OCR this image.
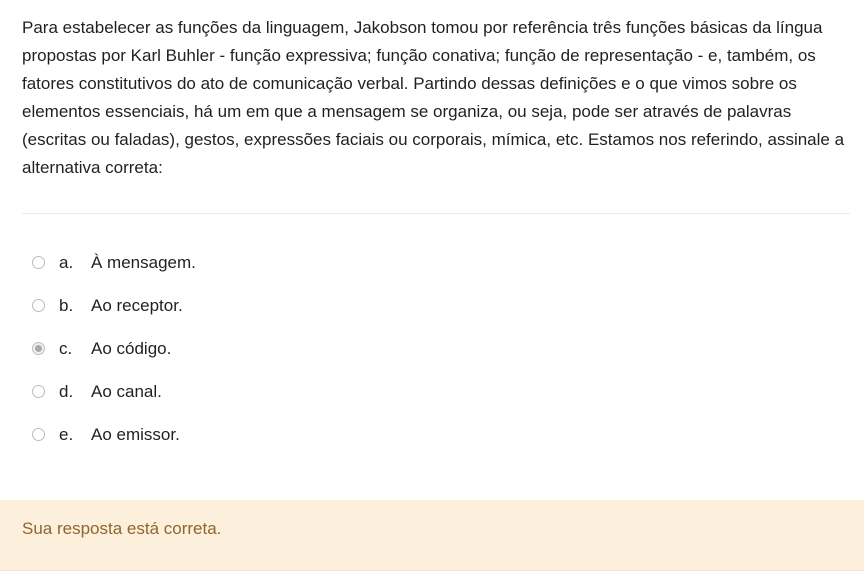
Para estabelecer as funções da linguagem, Jakobson tomou por referência três funções básicas da língua propostas por Karl Buhler - função expressiva; função conativa; função de representação - e, também, os fatores constitutivos do ato de comunicação verbal. Partindo dessas definições e o que vimos sobre os elementos essenciais, há um em que a mensagem se organiza, ou seja, pode ser através de palavras (escritas ou faladas), gestos, expressões faciais ou corporais, mímica, etc. Estamos nos referindo, assinale a alternativa correta:
a.	À mensagem.
b.	Ao receptor.
c.	Ao código.
d.	Ao canal.
e.	Ao emissor.
Sua resposta está correta.
